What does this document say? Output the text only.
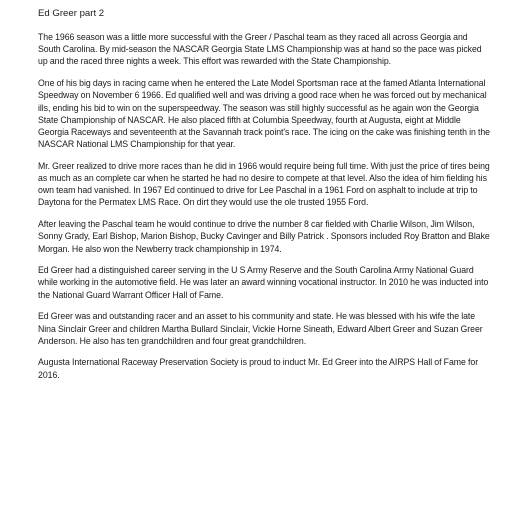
Ed Greer part 2

The 1966 season was a little more successful with the Greer / Paschal team as they raced all across Georgia and South Carolina. By mid-season the NASCAR Georgia State LMS Championship was at hand so the pace was picked up and the raced three nights a week. This effort was rewarded with the State Championship.

One of his big days in racing came when he entered the Late Model Sportsman race at the famed Atlanta International Speedway on November 6 1966. Ed qualified well and was driving a good race when he was forced out by mechanical ills, ending his bid to win on the superspeedway. The season was still highly successful as he again won the Georgia State Championship of NASCAR. He also placed fifth at Columbia Speedway, fourth at Augusta, eight at Middle Georgia Raceways and seventeenth at the Savannah track point's race. The icing on the cake was finishing tenth in the NASCAR National LMS Championship for that year.

Mr. Greer realized to drive more races than he did in 1966 would require being full time. With just the price of tires being as much as an complete car when he started he had no desire to compete at that level. Also the idea of him fielding his own team had vanished. In 1967 Ed continued to drive for Lee Paschal in a 1961 Ford on asphalt to include at trip to Daytona for the Permatex LMS Race. On dirt they would use the ole trusted 1955 Ford.

After leaving the Paschal team he would continue to drive the number 8 car fielded with Charlie Wilson, Jim Wilson, Sonny Grady, Earl Bishop, Marion Bishop, Bucky Cavinger and Billy Patrick . Sponsors included Roy Bratton and Blake Morgan. He also won the Newberry track championship in 1974.

Ed Greer had a distinguished career serving in the U S Army Reserve and the South Carolina Army National Guard while working in the automotive field. He was later an award winning vocational instructor. In 2010 he was inducted into the National Guard Warrant Officer Hall of Fame.

Ed Greer was and outstanding racer and an asset to his community and state. He was blessed with his wife the late Nina Sinclair Greer and children Martha Bullard Sinclair, Vickie Horne Sineath, Edward Albert Greer and Suzan Greer Anderson. He also has ten grandchildren and four great grandchildren.

Augusta International Raceway Preservation Society is proud to induct Mr. Ed Greer into the AIRPS Hall of Fame for 2016.
